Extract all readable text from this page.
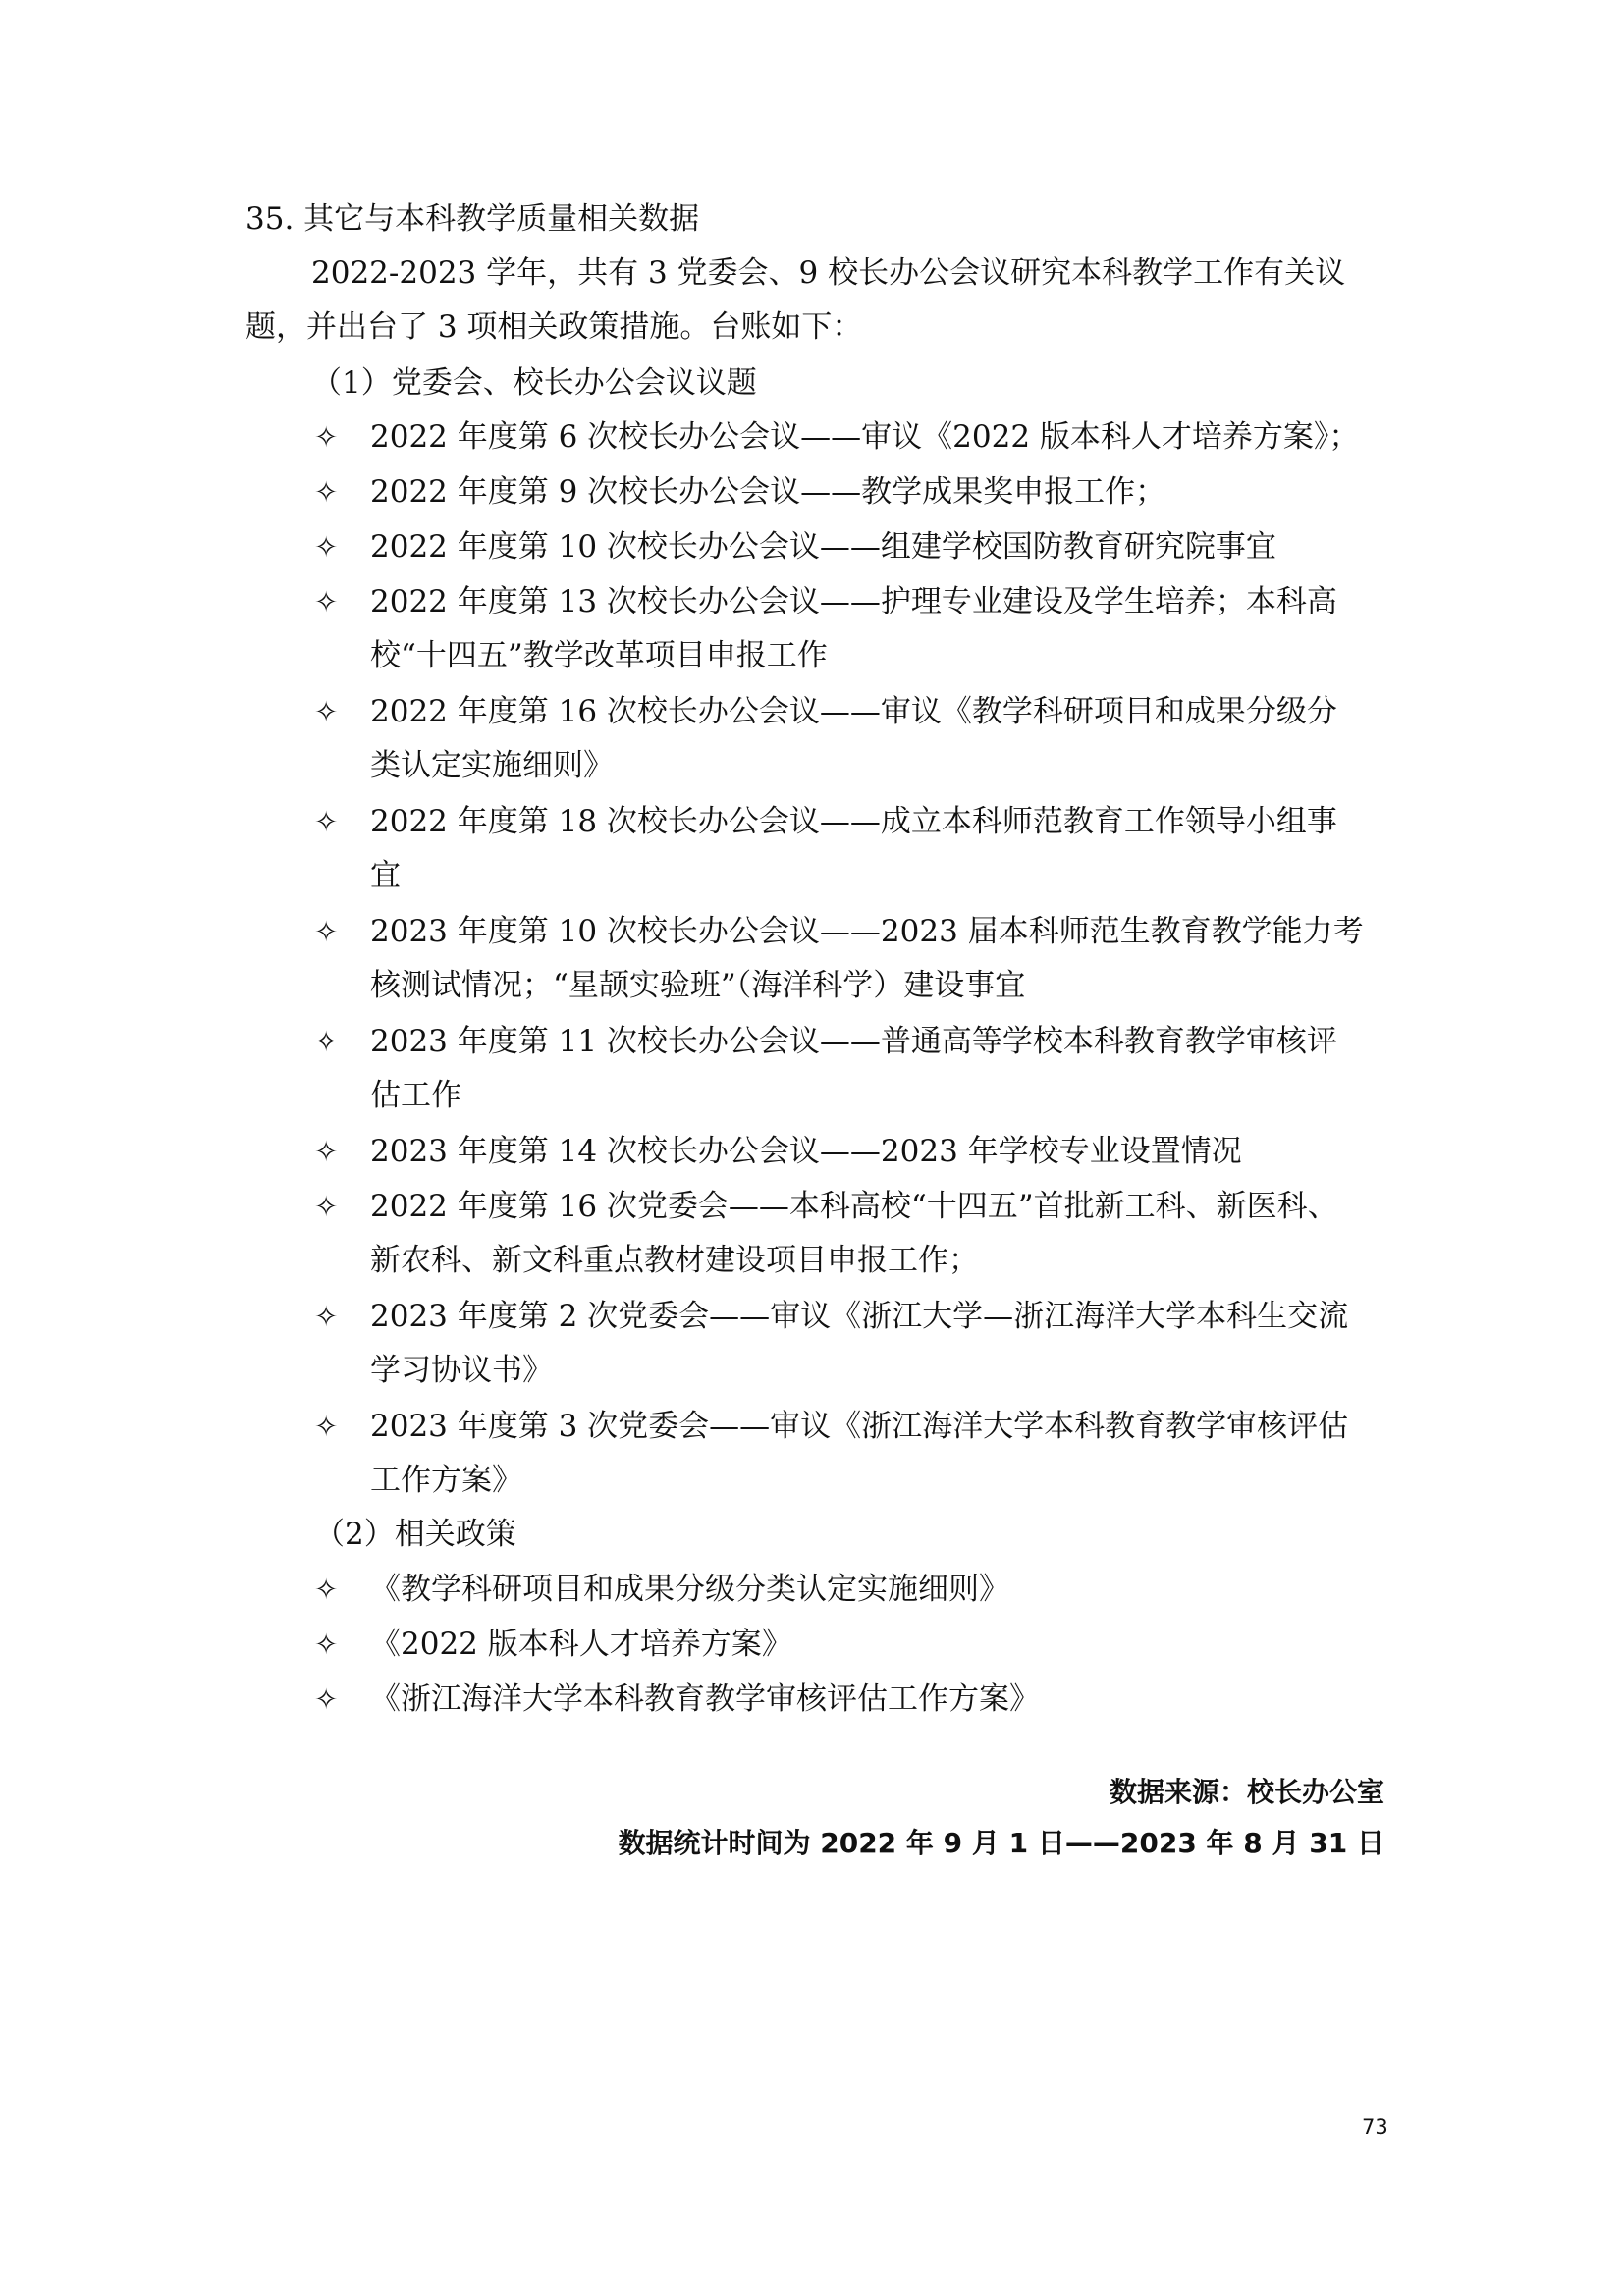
35. 其它与本科教学质量相关数据
2022-2023 学年，共有 3 党委会、9 校长办公会议研究本科教学工作有关议
题，并出台了 3 项相关政策措施。台账如下：
（1）党委会、校长办公会议议题
✧ 2022 年度第 6 次校长办公会议——审议《2022 版本科人才培养方案》；
✧ 2022 年度第 9 次校长办公会议——教学成果奖申报工作；
✧ 2022 年度第 10 次校长办公会议——组建学校国防教育研究院事宜
✧ 2022 年度第 13 次校长办公会议——护理专业建设及学生培养；本科高
校“十四五”教学改革项目申报工作
✧ 2022 年度第 16 次校长办公会议——审议《教学科研项目和成果分级分
类认定实施细则》
✧ 2022 年度第 18 次校长办公会议——成立本科师范教育工作领导小组事
宜
✧ 2023 年度第 10 次校长办公会议——2023 届本科师范生教育教学能力考
核测试情况；“星颉实验班”（海洋科学）建设事宜
✧ 2023 年度第 11 次校长办公会议——普通高等学校本科教育教学审核评
估工作
✧ 2023 年度第 14 次校长办公会议——2023 年学校专业设置情况
✧ 2022 年度第 16 次党委会——本科高校“十四五”首批新工科、新医科、
新农科、新文科重点教材建设项目申报工作；
✧ 2023 年度第 2 次党委会——审议《浙江大学—浙江海洋大学本科生交流
学习协议书》
✧ 2023 年度第 3 次党委会——审议《浙江海洋大学本科教育教学审核评估
工作方案》
（2）相关政策
✧ 《教学科研项目和成果分级分类认定实施细则》
✧ 《2022 版本科人才培养方案》
✧ 《浙江海洋大学本科教育教学审核评估工作方案》
数据来源：校长办公室
数据统计时间为 2022 年 9 月 1 日——2023 年 8 月 31 日
73
